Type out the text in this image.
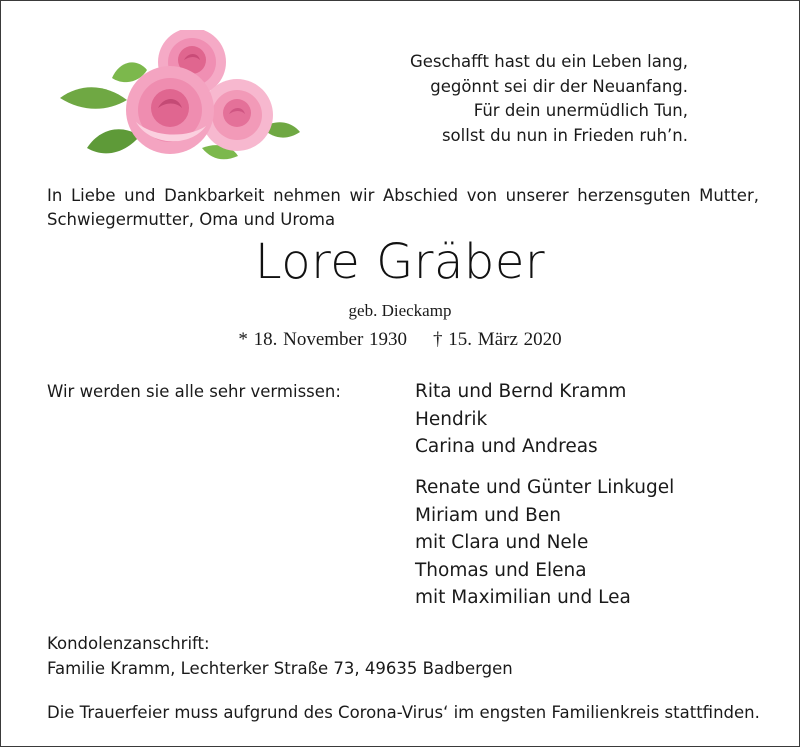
Geschafft hast du ein Leben lang,
gegönnt sei dir der Neuanfang.
Für dein unermüdlich Tun,
sollst du nun in Frieden ruh’n.
In Liebe und Dankbarkeit nehmen wir Abschied von unserer herzensguten Mutter, Schwiegermutter, Oma und Uroma
Lore Gräber
geb. Dieckamp
* 18. November 1930 † 15. März 2020
Wir werden sie alle sehr vermissen:	Rita und Bernd Kramm
Hendrik
Carina und Andreas
Renate und Günter Linkugel
Miriam und Ben
mit Clara und Nele
Thomas und Elena
mit Maximilian und Lea
Kondolenzanschrift:
Familie Kramm, Lechterker Straße 73, 49635 Badbergen
Die Trauerfeier muss aufgrund des Corona-Virus‘ im engsten Familienkreis stattfinden.
